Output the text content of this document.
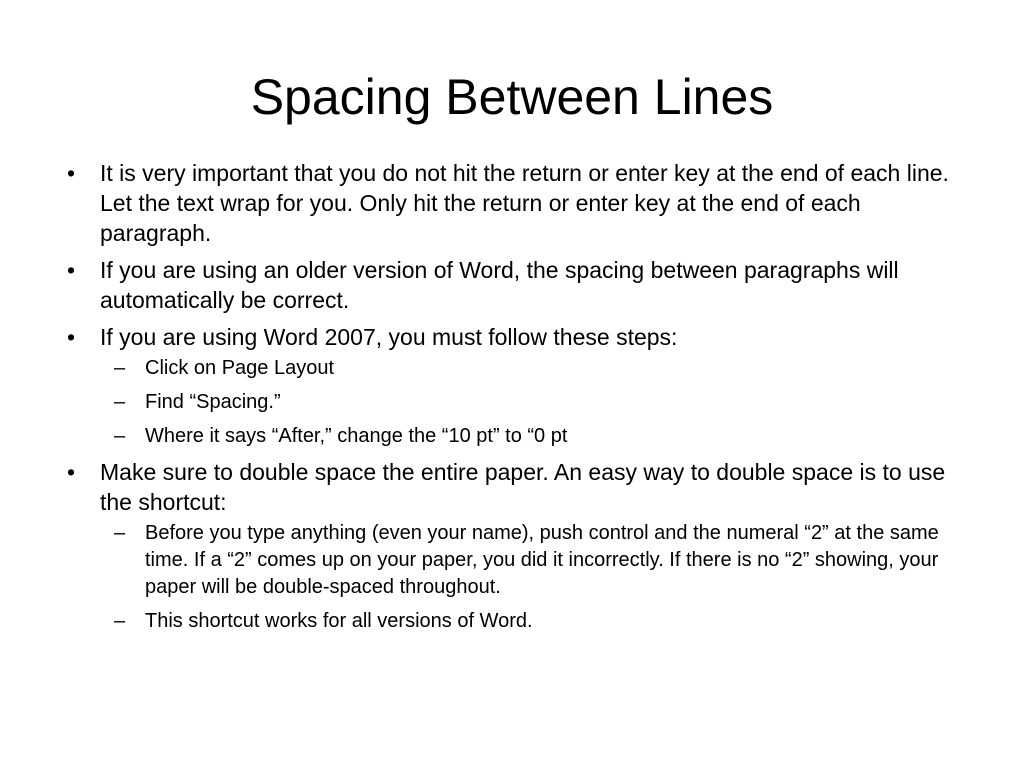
Spacing Between Lines
•	It is very important that you do not hit the return or enter key at the end of each line. Let the text wrap for you. Only hit the return or enter key at the end of each paragraph.
•	If you are using an older version of Word, the spacing between paragraphs will automatically be correct.
•	If you are using Word 2007, you must follow these steps:
– Click on Page Layout
– Find “Spacing.”
– Where it says “After,” change the “10 pt” to “0 pt
•	Make sure to double space the entire paper. An easy way to double space is to use the shortcut:
– Before you type anything (even your name), push control and the numeral “2” at the same time. If a “2” comes up on your paper, you did it incorrectly. If there is no “2” showing, your paper will be double-spaced throughout.
– This shortcut works for all versions of Word.
